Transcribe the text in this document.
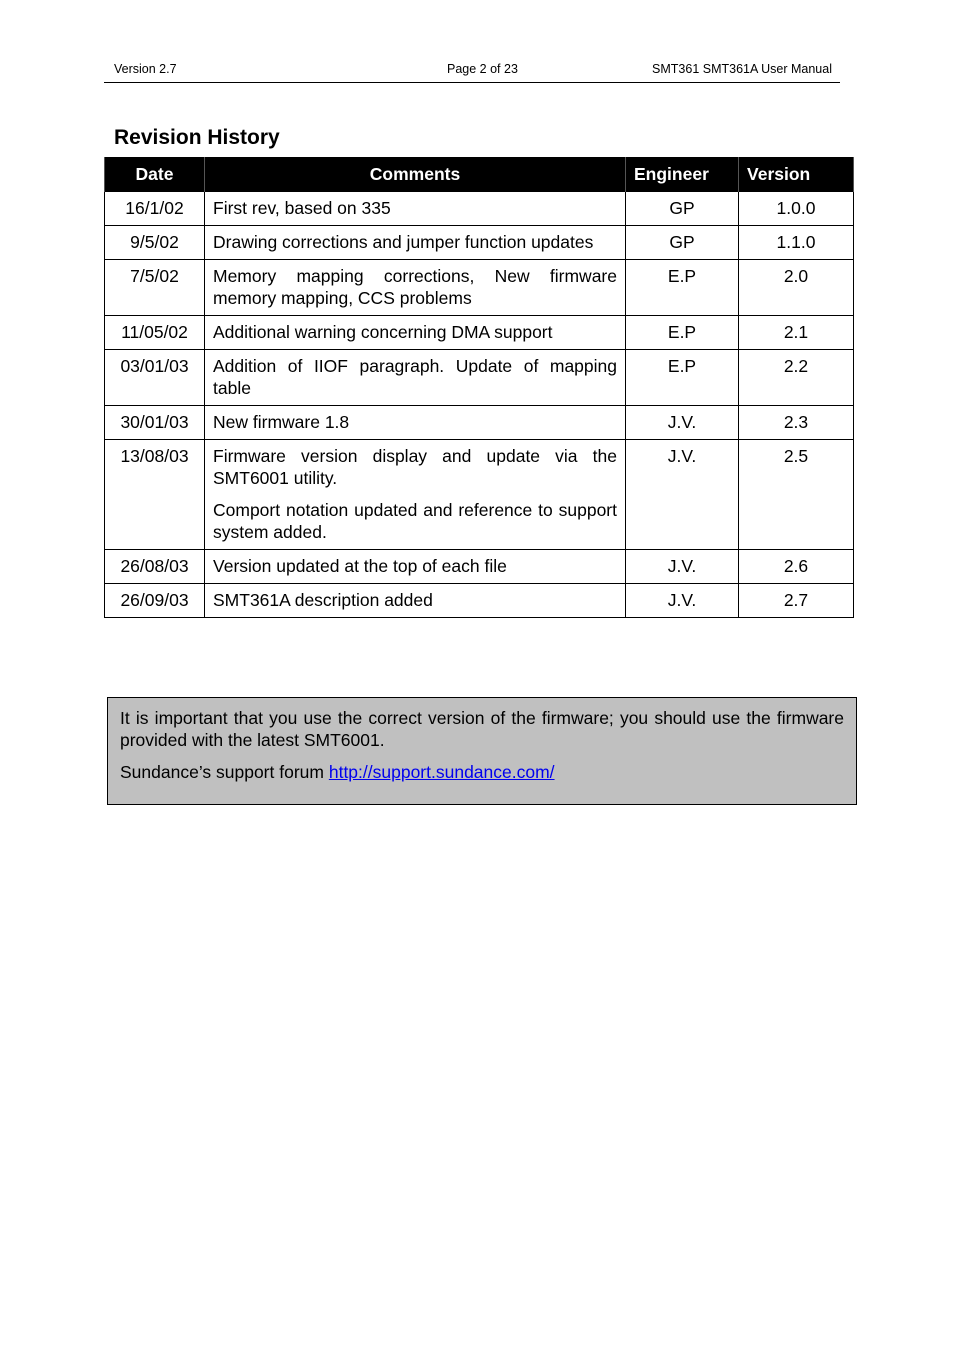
Version 2.7	Page 2 of 23	SMT361 SMT361A User Manual
Revision History
Date	Comments	Engineer	Version
16/1/02	First rev, based on 335	GP	1.0.0
9/5/02	Drawing corrections and jumper function updates	GP	1.1.0
7/5/02	Memory mapping corrections, New firmware memory mapping, CCS problems	E.P	2.0
11/05/02	Additional warning concerning DMA support	E.P	2.1
03/01/03	Addition of IIOF paragraph. Update of mapping table	E.P	2.2
30/01/03	New firmware 1.8	J.V.	2.3
13/08/03	Firmware version display and update via the SMT6001 utility.

Comport notation updated and reference to support system added.	J.V.	2.5
26/08/03	Version updated at the top of each file	J.V.	2.6
26/09/03	SMT361A description added	J.V.	2.7

It is important that you use the correct version of the firmware; you should use the firmware provided with the latest SMT6001.

Sundance’s support forum http://support.sundance.com/
